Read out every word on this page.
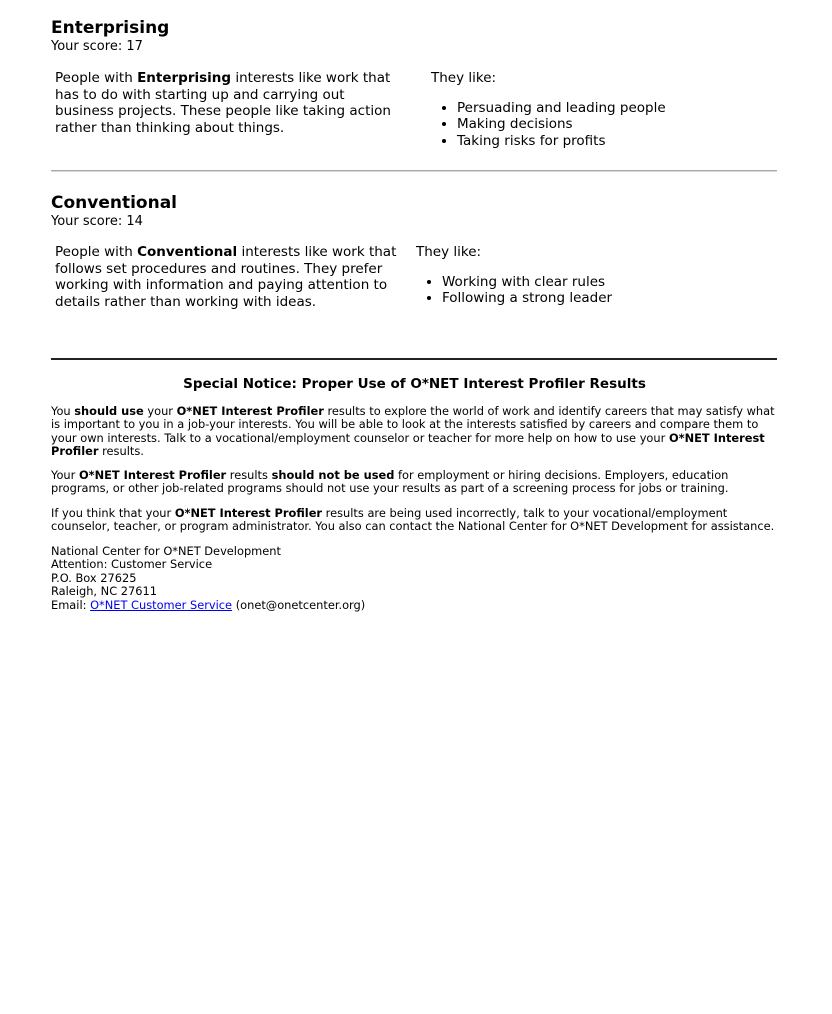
Enterprising
Your score: 17

People with Enterprising interests like work that has to do with starting up and carrying out business projects. These people like taking action rather than thinking about things.

They like:
• Persuading and leading people
• Making decisions
• Taking risks for profits
Conventional
Your score: 14

People with Conventional interests like work that follows set procedures and routines. They prefer working with information and paying attention to details rather than working with ideas.

They like:
• Working with clear rules
• Following a strong leader
Special Notice: Proper Use of O*NET Interest Profiler Results

You should use your O*NET Interest Profiler results to explore the world of work and identify careers that may satisfy what is important to you in a job-your interests. You will be able to look at the interests satisfied by careers and compare them to your own interests. Talk to a vocational/employment counselor or teacher for more help on how to use your O*NET Interest Profiler results.

Your O*NET Interest Profiler results should not be used for employment or hiring decisions. Employers, education programs, or other job-related programs should not use your results as part of a screening process for jobs or training.

If you think that your O*NET Interest Profiler results are being used incorrectly, talk to your vocational/employment counselor, teacher, or program administrator. You also can contact the National Center for O*NET Development for assistance.

National Center for O*NET Development
Attention: Customer Service
P.O. Box 27625
Raleigh, NC 27611
Email: O*NET Customer Service (onet@onetcenter.org)
